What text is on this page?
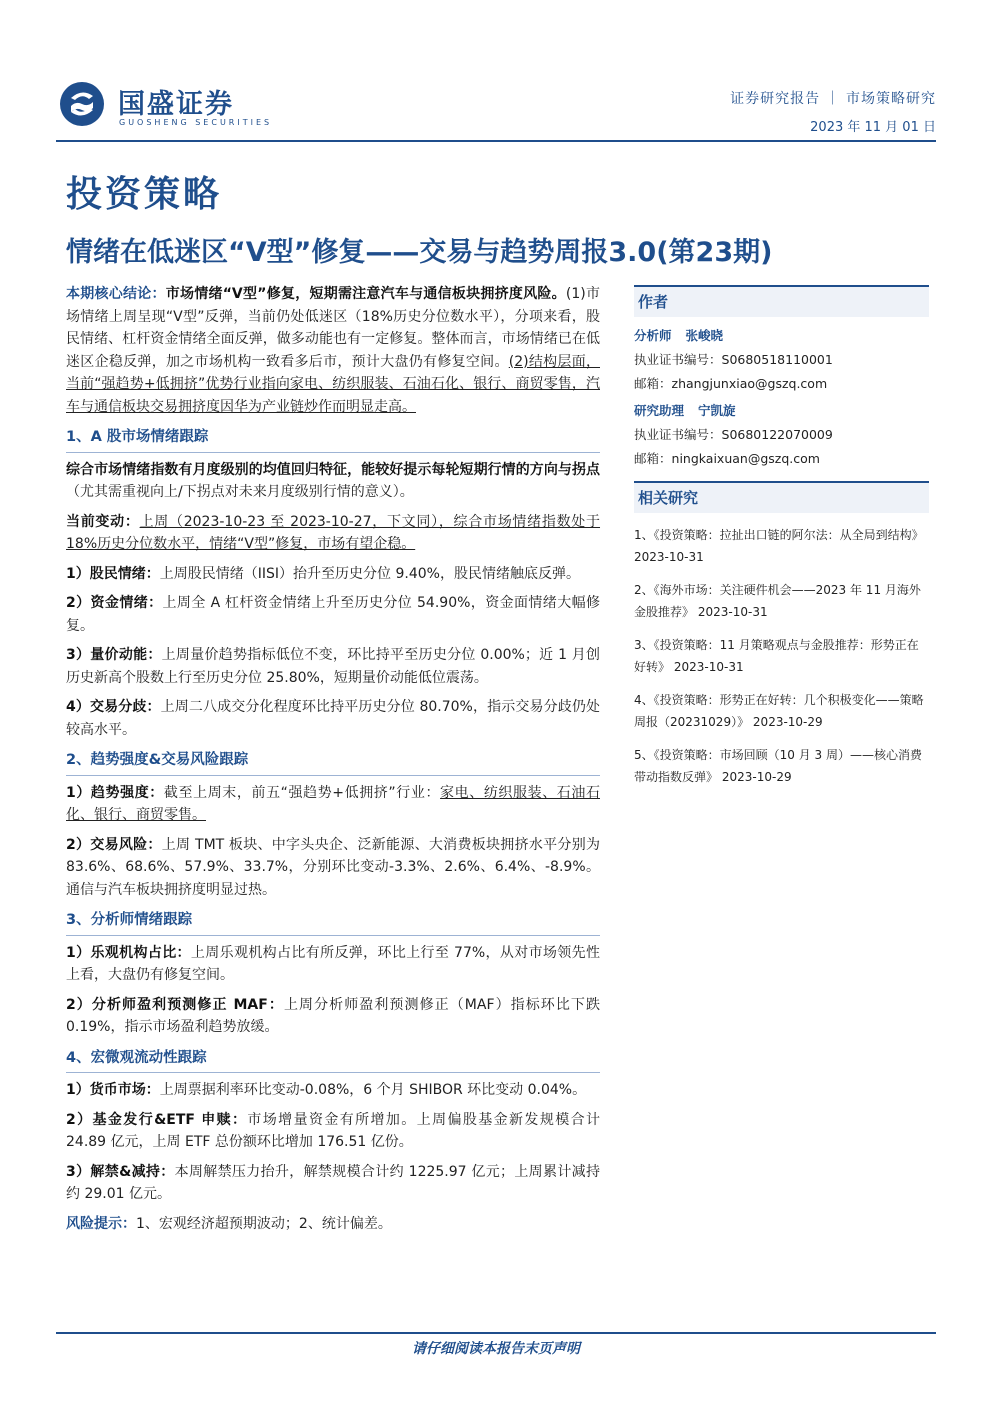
国盛证券
GUOSHENG SECURITIES
证券研究报告 ｜ 市场策略研究
2023 年 11 月 01 日
投资策略
情绪在低迷区“V型”修复——交易与趋势周报3.0(第23期)

本期核心结论：市场情绪“V型”修复，短期需注意汽车与通信板块拥挤度风险。(1)市场情绪上周呈现“V型”反弹，当前仍处低迷区（18%历史分位数水平），分项来看，股民情绪、杠杆资金情绪全面反弹，做多动能也有一定修复。整体而言，市场情绪已在低迷区企稳反弹，加之市场机构一致看多后市，预计大盘仍有修复空间。(2)结构层面，当前“强趋势+低拥挤”优势行业指向家电、纺织服装、石油石化、银行、商贸零售，汽车与通信板块交易拥挤度因华为产业链炒作而明显走高。

1、A 股市场情绪跟踪

综合市场情绪指数有月度级别的均值回归特征，能较好提示每轮短期行情的方向与拐点（尤其需重视向上/下拐点对未来月度级别行情的意义）。

当前变动：上周（2023-10-23 至 2023-10-27，下文同），综合市场情绪指数处于18%历史分位数水平，情绪“V型”修复，市场有望企稳。

1）股民情绪：上周股民情绪（IISI）抬升至历史分位 9.40%，股民情绪触底反弹。

2）资金情绪：上周全 A 杠杆资金情绪上升至历史分位 54.90%，资金面情绪大幅修复。

3）量价动能：上周量价趋势指标低位不变，环比持平至历史分位 0.00%；近 1 月创历史新高个股数上行至历史分位 25.80%，短期量价动能低位震荡。

4）交易分歧：上周二八成交分化程度环比持平历史分位 80.70%，指示交易分歧仍处较高水平。

2、趋势强度&交易风险跟踪

1）趋势强度：截至上周末，前五“强趋势+低拥挤”行业：家电、纺织服装、石油石化、银行、商贸零售。

2）交易风险：上周 TMT 板块、中字头央企、泛新能源、大消费板块拥挤水平分别为 83.6%、68.6%、57.9%、33.7%，分别环比变动-3.3%、2.6%、6.4%、-8.9%。通信与汽车板块拥挤度明显过热。

3、分析师情绪跟踪

1）乐观机构占比：上周乐观机构占比有所反弹，环比上行至 77%，从对市场领先性上看，大盘仍有修复空间。

2）分析师盈利预测修正 MAF：上周分析师盈利预测修正（MAF）指标环比下跌 0.19%，指示市场盈利趋势放缓。

4、宏微观流动性跟踪

1）货币市场：上周票据利率环比变动-0.08%，6 个月 SHIBOR 环比变动 0.04%。

2）基金发行&ETF 申赎：市场增量资金有所增加。上周偏股基金新发规模合计 24.89 亿元，上周 ETF 总份额环比增加 176.51 亿份。

3）解禁&减持：本周解禁压力抬升，解禁规模合计约 1225.97 亿元；上周累计减持约 29.01 亿元。

风险提示：1、宏观经济超预期波动；2、统计偏差。

作者
分析师 张峻晓
执业证书编号：S0680518110001
邮箱：zhangjunxiao@gszq.com
研究助理 宁凯旋
执业证书编号：S0680122070009
邮箱：ningkaixuan@gszq.com
相关研究
1、《投资策略：拉扯出口链的阿尔法：从全局到结构》
2023-10-31
2、《海外市场：关注硬件机会——2023 年 11 月海外金股推荐》 2023-10-31
3、《投资策略：11 月策略观点与金股推荐：形势正在好转》 2023-10-31
4、《投资策略：形势正在好转：几个积极变化——策略周报（20231029）》 2023-10-29
5、《投资策略：市场回顾（10 月 3 周）——核心消费带动指数反弹》 2023-10-29
请仔细阅读本报告末页声明
